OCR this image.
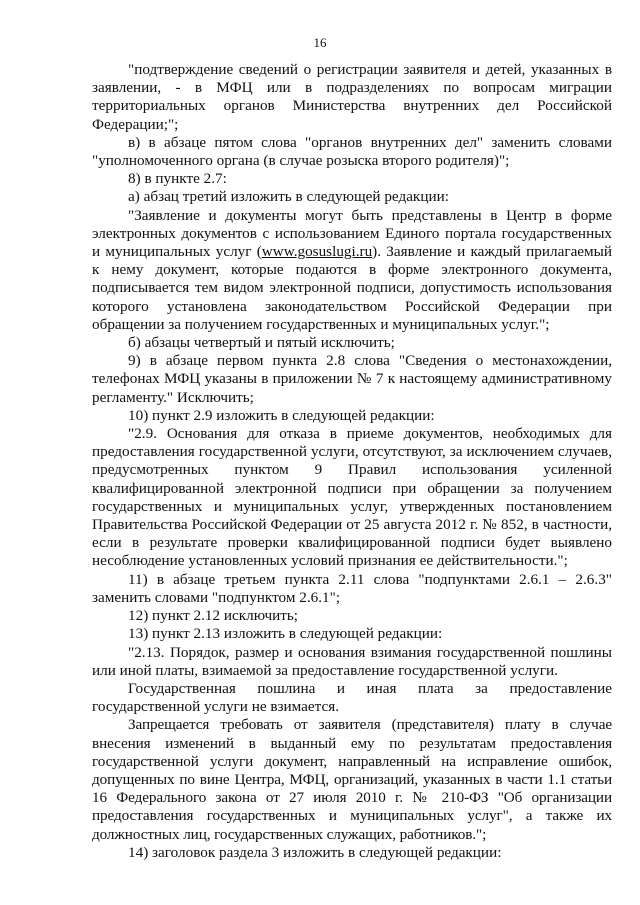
16

"подтверждение сведений о регистрации заявителя и детей, указанных в заявлении, - в МФЦ или в подразделениях по вопросам миграции территориальных органов Министерства внутренних дел Российской Федерации;";

в) в абзаце пятом слова "органов внутренних дел" заменить словами "уполномоченного органа (в случае розыска второго родителя)";

8) в пункте 2.7:

а) абзац третий изложить в следующей редакции:

"Заявление и документы могут быть представлены в Центр в форме электронных документов с использованием Единого портала государственных и муниципальных услуг (www.gosuslugi.ru). Заявление и каждый прилагаемый к нему документ, которые подаются в форме электронного документа, подписывается тем видом электронной подписи, допустимость использования которого установлена законодательством Российской Федерации при обращении за получением государственных и муниципальных услуг.";

б) абзацы четвертый и пятый исключить;

9) в абзаце первом пункта 2.8 слова "Сведения о местонахождении, телефонах МФЦ указаны в приложении № 7 к настоящему административному регламенту." Исключить;

10) пункт 2.9 изложить в следующей редакции:

"2.9. Основания для отказа в приеме документов, необходимых для предоставления государственной услуги, отсутствуют, за исключением случаев, предусмотренных пунктом 9 Правил использования усиленной квалифицированной электронной подписи при обращении за получением государственных и муниципальных услуг, утвержденных постановлением Правительства Российской Федерации от 25 августа 2012 г. № 852, в частности, если в результате проверки квалифицированной подписи будет выявлено несоблюдение установленных условий признания ее действительности.";

11) в абзаце третьем пункта 2.11 слова "подпунктами 2.6.1 – 2.6.3" заменить словами "подпунктом 2.6.1";

12) пункт 2.12 исключить;

13) пункт 2.13 изложить в следующей редакции:

"2.13. Порядок, размер и основания взимания государственной пошлины или иной платы, взимаемой за предоставление государственной услуги.

Государственная пошлина и иная плата за предоставление государственной услуги не взимается.

Запрещается требовать от заявителя (представителя) плату в случае внесения изменений в выданный ему по результатам предоставления государственной услуги документ, направленный на исправление ошибок, допущенных по вине Центра, МФЦ, организаций, указанных в части 1.1 статьи 16 Федерального закона от 27 июля 2010 г. № 210-ФЗ "Об организации предоставления государственных и муниципальных услуг", а также их должностных лиц, государственных служащих, работников.";

14) заголовок раздела 3 изложить в следующей редакции:
